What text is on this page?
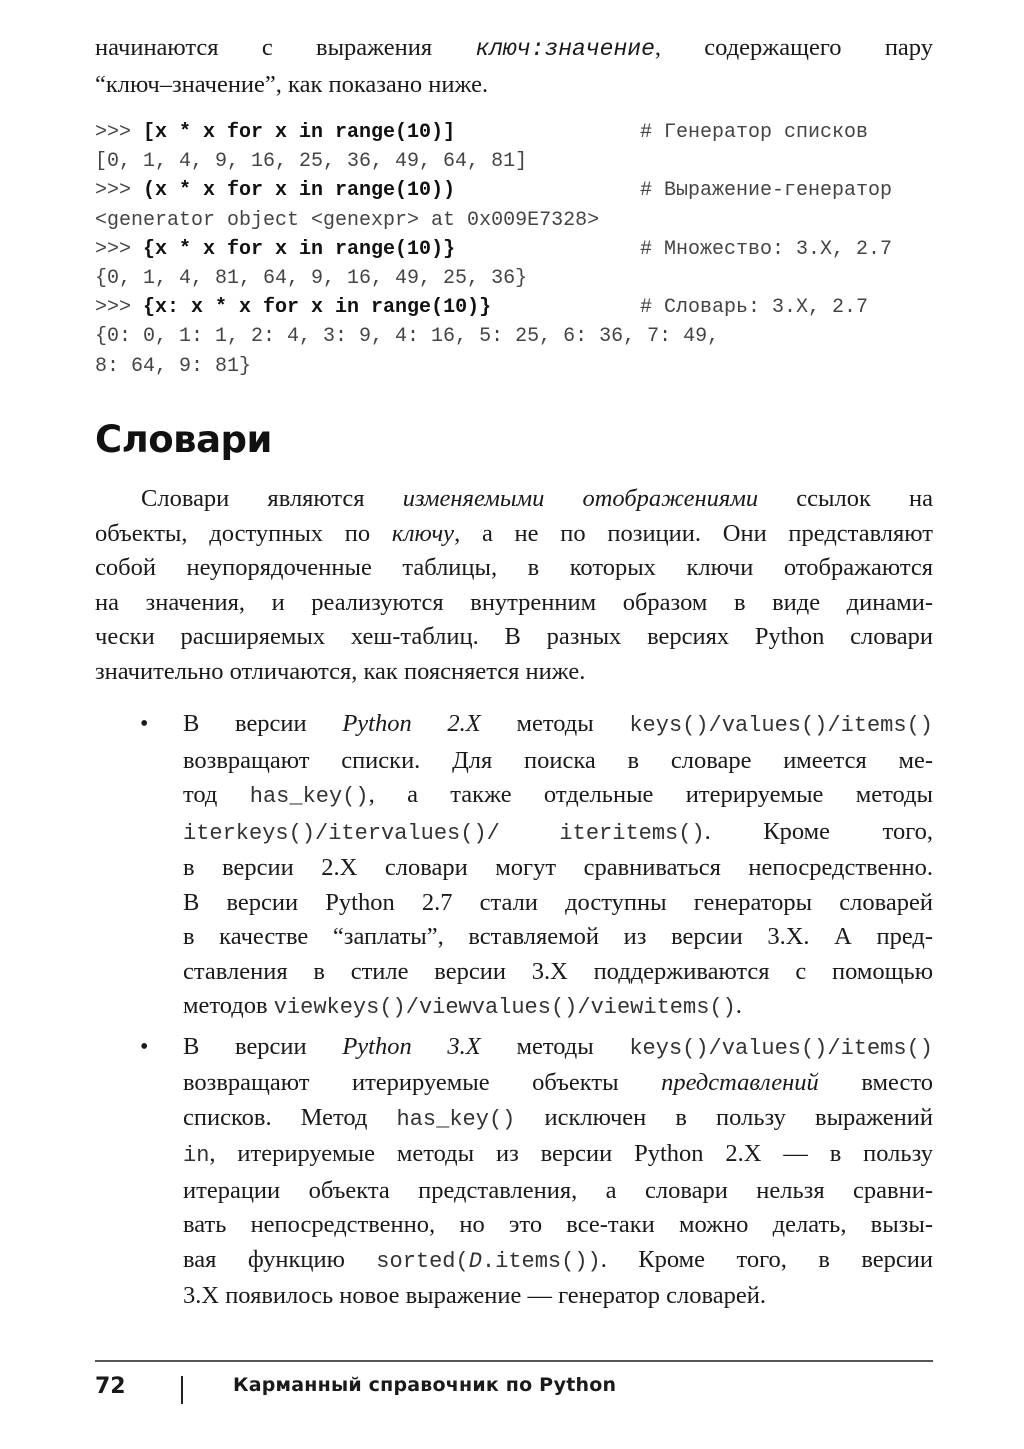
начинаются с выражения ключ:значение, содержащего пару
“ключ–значение”, как показано ниже.
>>> [x * x for x in range(10)]	# Генератор списков
[0, 1, 4, 9, 16, 25, 36, 49, 64, 81]
>>> (x * x for x in range(10))	# Выражение-генератор
<generator object <genexpr> at 0x009E7328>
>>> {x * x for x in range(10)}	# Множество: 3.X, 2.7
{0, 1, 4, 81, 64, 9, 16, 49, 25, 36}
>>> {x: x * x for x in range(10)}	# Словарь: 3.X, 2.7
{0: 0, 1: 1, 2: 4, 3: 9, 4: 16, 5: 25, 6: 36, 7: 49,
8: 64, 9: 81}
Словари
Словари являются изменяемыми отображениями ссылок на
объекты, доступных по ключу, а не по позиции. Они представляют
собой неупорядоченные таблицы, в которых ключи отображаются
на значения, и реализуются внутренним образом в виде динами-
чески расширяемых хеш-таблиц. В разных версиях Python словари
значительно отличаются, как поясняется ниже.
• В версии Python 2.X методы keys()/values()/items()
возвращают списки. Для поиска в словаре имеется ме-
тод has_key(), а также отдельные итерируемые методы
iterkeys()/itervalues()/ iteritems(). Кроме того,
в версии 2.X словари могут сравниваться непосредственно.
В версии Python 2.7 стали доступны генераторы словарей
в качестве “заплаты”, вставляемой из версии 3.X. А пред-
ставления в стиле версии 3.X поддерживаются с помощью
методов viewkeys()/viewvalues()/viewitems().
• В версии Python 3.X методы keys()/values()/items()
возвращают итерируемые объекты представлений вместо
списков. Метод has_key() исключен в пользу выражений
in, итерируемые методы из версии Python 2.X — в пользу
итерации объекта представления, а словари нельзя сравни-
вать непосредственно, но это все-таки можно делать, вызы-
вая функцию sorted(D.items()). Кроме того, в версии
3.X появилось новое выражение — генератор словарей.
72	Карманный справочник по Python
